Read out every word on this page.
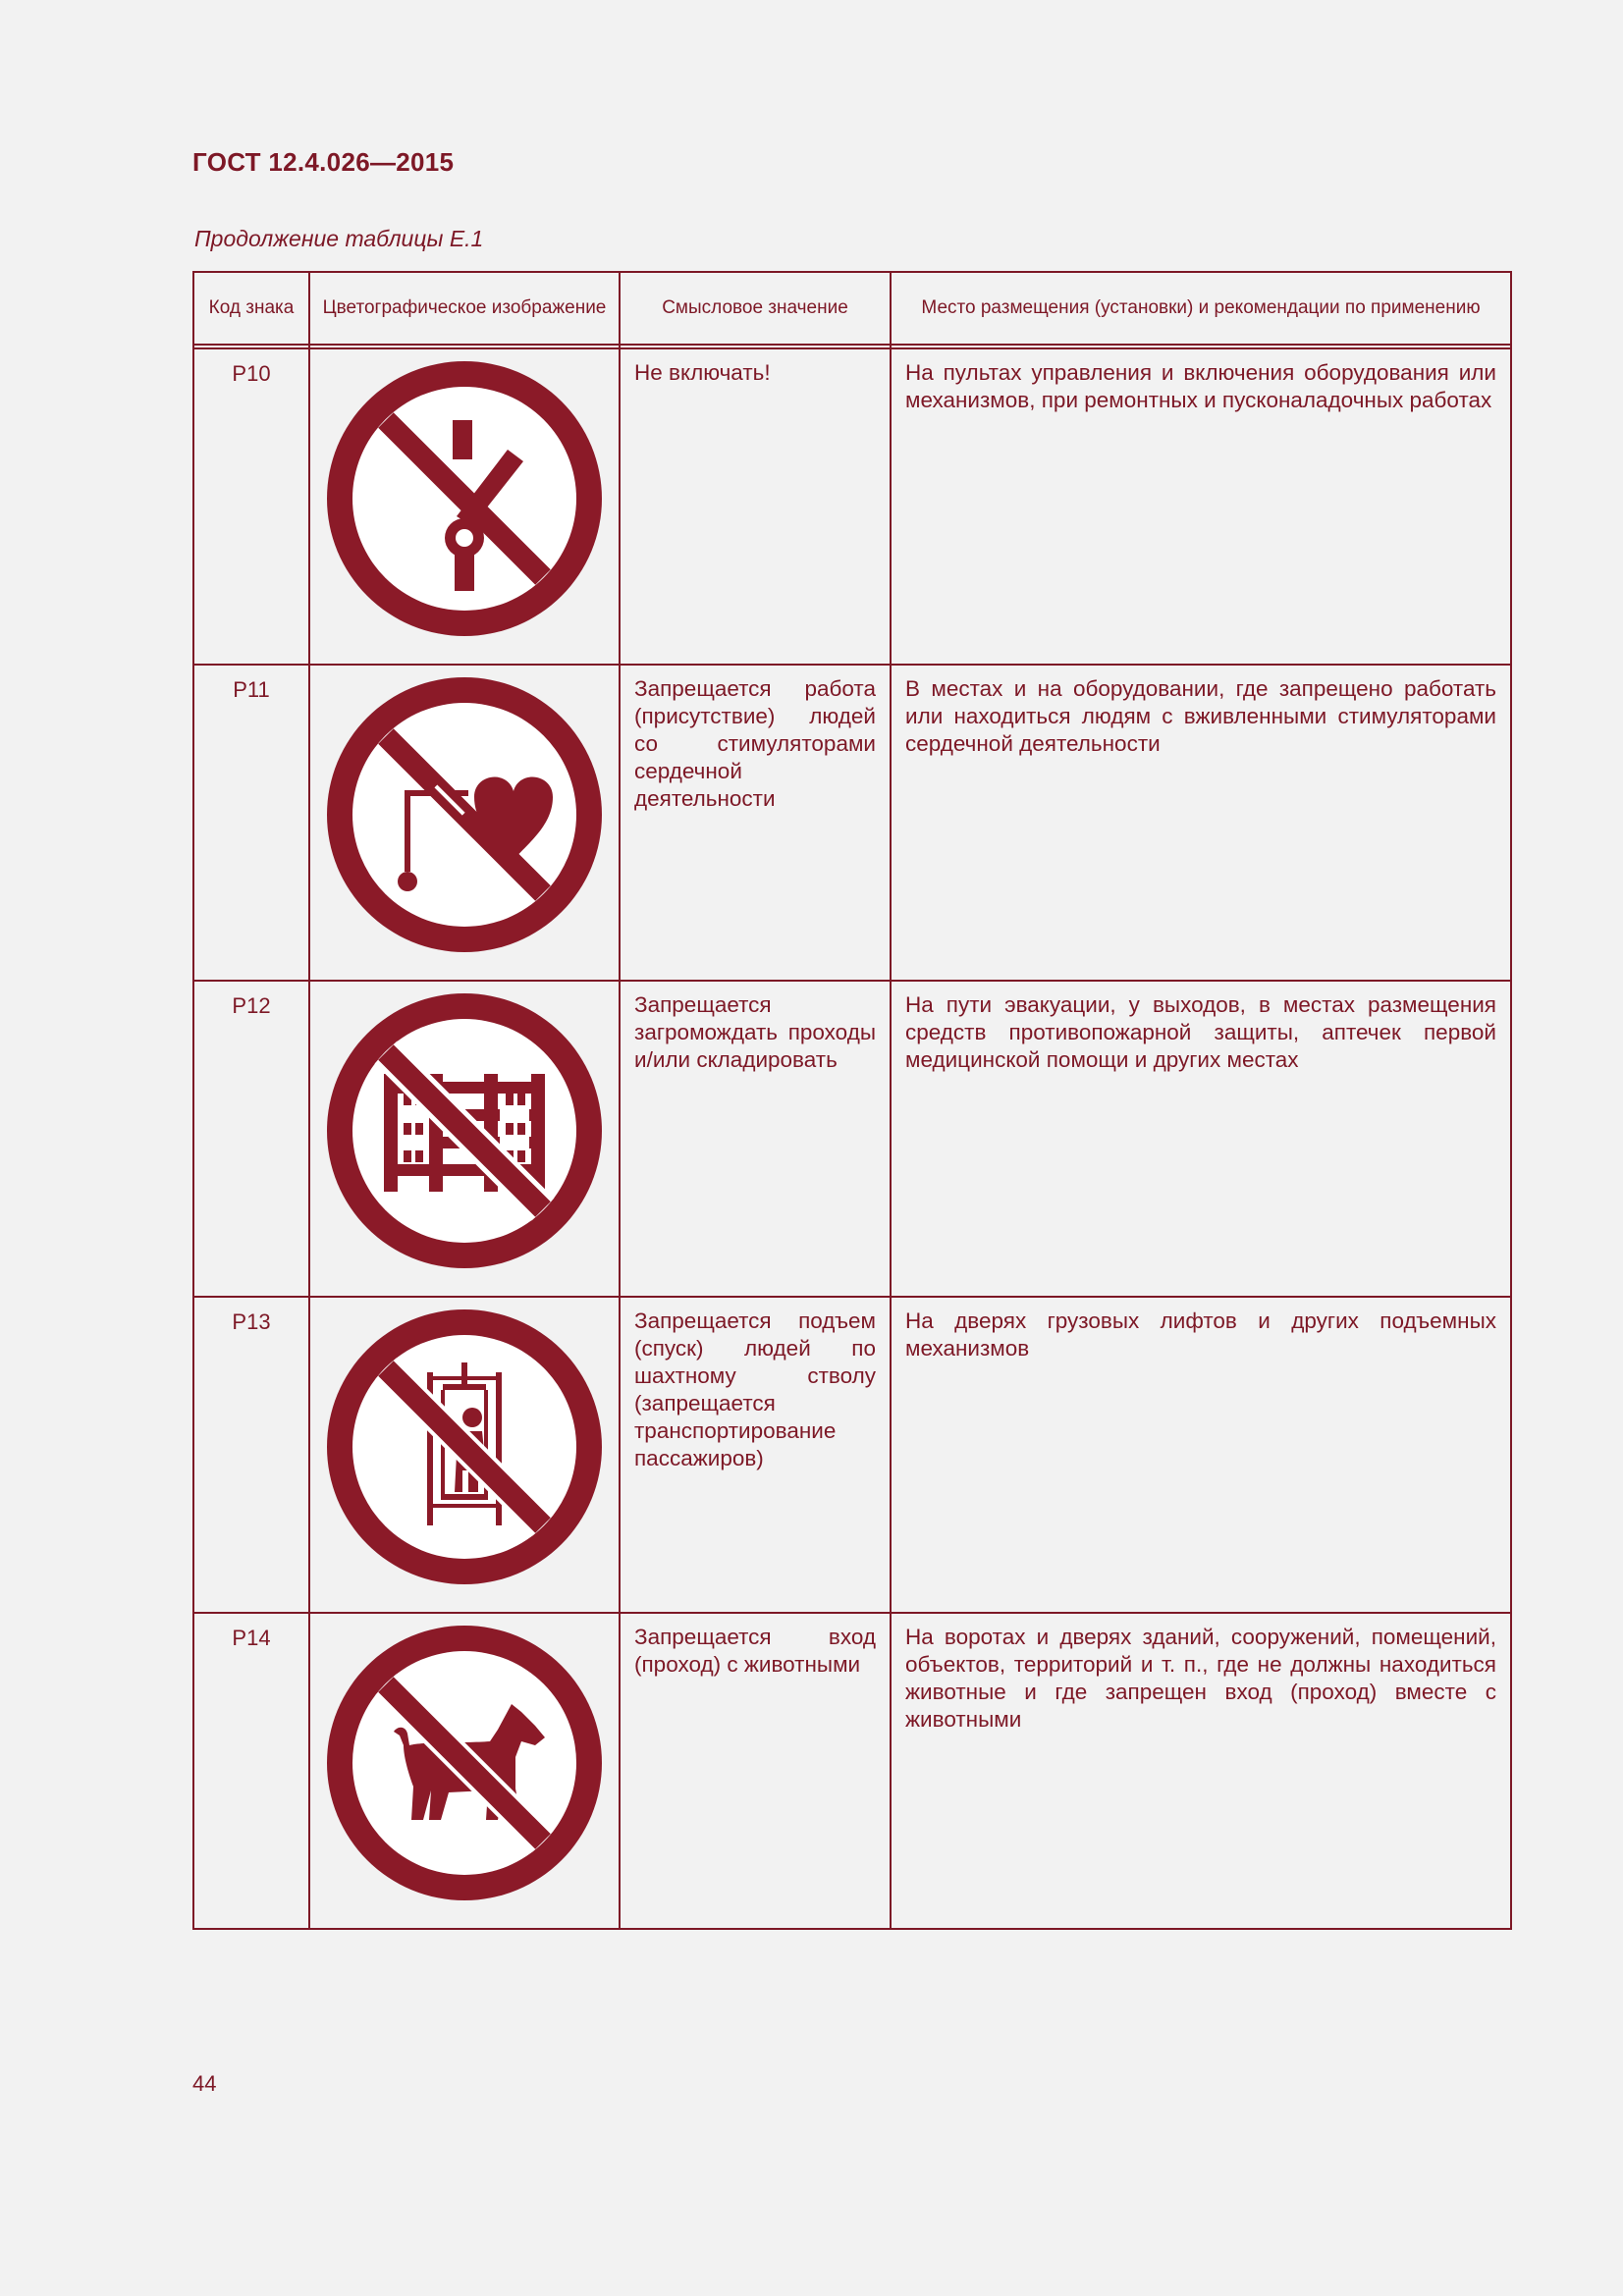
ГОСТ 12.4.026—2015
Продолжение таблицы Е.1
Код знака	Цветографическое изображение	Смысловое значение	Место размещения (установки) и рекомендации по применению

P10		Не включать!	На пультах управления и включения оборудования или механизмов, при ремонтных и пусконаладочных работах
P11		Запрещается работа (присутствие) людей со стимуляторами сердечной деятельности	В местах и на оборудовании, где запрещено работать или находиться людям с вживленными стимуляторами сердечной деятельности
P12		Запрещается загромождать проходы и/или складировать	На пути эвакуации, у выходов, в местах размещения средств противопожарной защиты, аптечек первой медицинской помощи и других местах
P13		Запрещается подъем (спуск) людей по шахтному стволу (запрещается транспортирование пассажиров)	На дверях грузовых лифтов и других подъемных механизмов
P14		Запрещается вход (проход) с животными	На воротах и дверях зданий, сооружений, помещений, объектов, территорий и т. п., где не должны находиться животные и где запрещен вход (проход) вместе с животными
44
